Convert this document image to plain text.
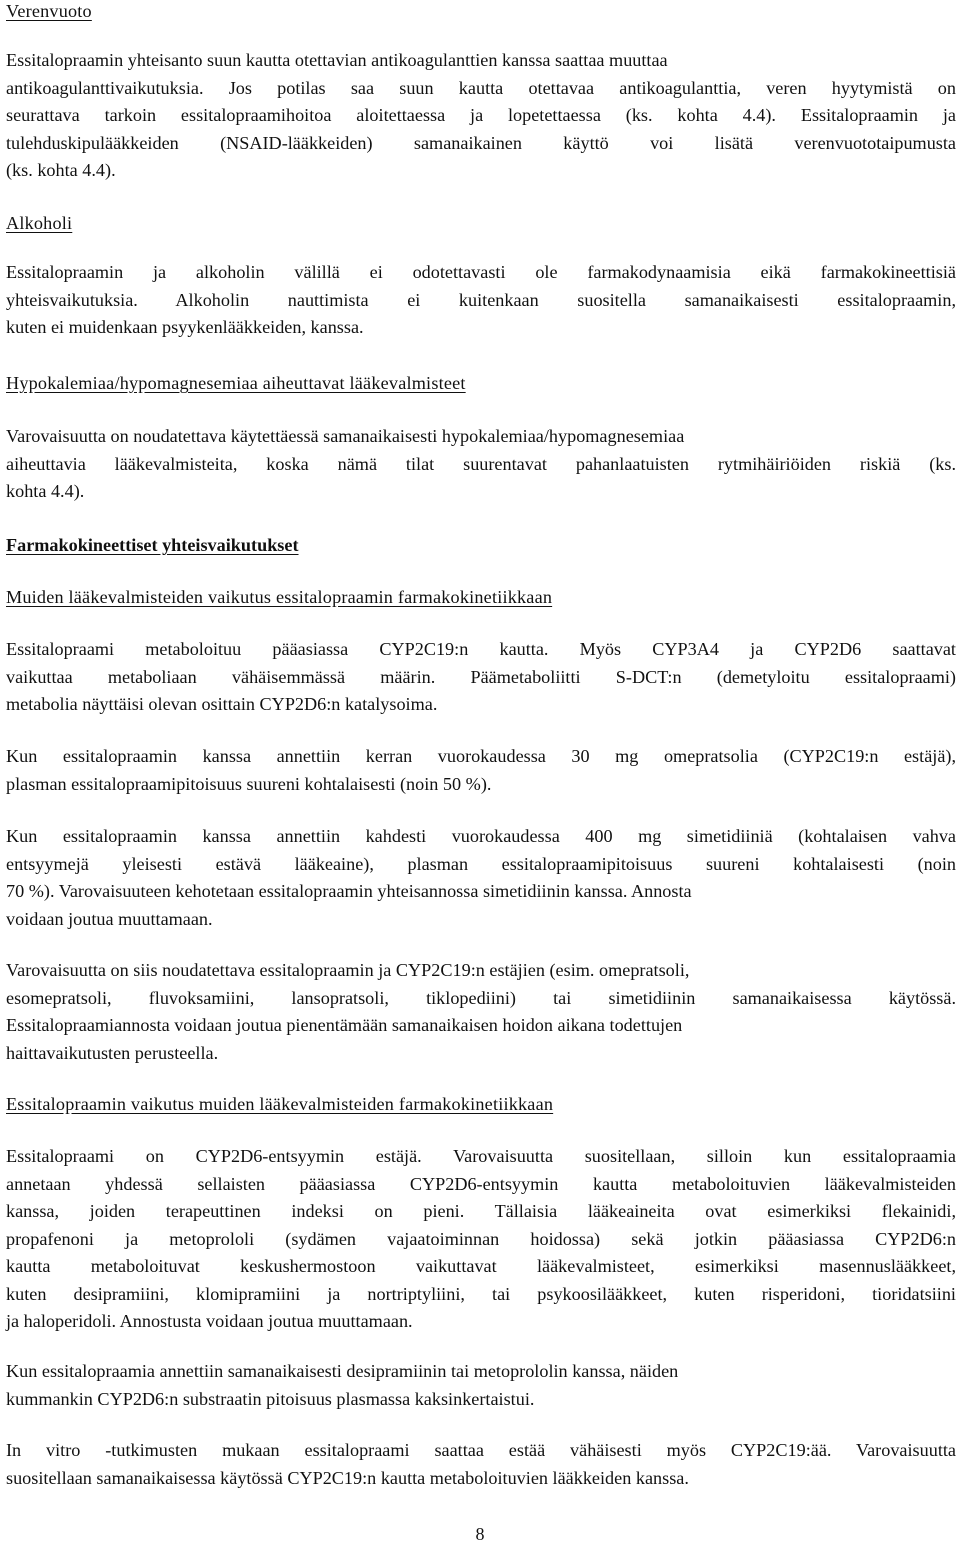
Verenvuoto
Essitalopraamin yhteisanto suun kautta otettavian antikoagulanttien kanssa saattaa muuttaa
antikoagulanttivaikutuksia. Jos potilas saa suun kautta otettavaa antikoagulanttia, veren hyytymistä on
seurattava tarkoin essitalopraamihoitoa aloitettaessa ja lopetettaessa (ks. kohta 4.4). Essitalopraamin ja
tulehduskipulääkkeiden (NSAID-lääkkeiden) samanaikainen käyttö voi lisätä verenvuototaipumusta
(ks. kohta 4.4).
Alkoholi
Essitalopraamin ja alkoholin välillä ei odotettavasti ole farmakodynaamisia eikä farmakokineettisiä
yhteisvaikutuksia. Alkoholin nauttimista ei kuitenkaan suositella samanaikaisesti essitalopraamin,
kuten ei muidenkaan psyykenlääkkeiden, kanssa.
Hypokalemiaa/hypomagnesemiaa aiheuttavat lääkevalmisteet
Varovaisuutta on noudatettava käytettäessä samanaikaisesti hypokalemiaa/hypomagnesemiaa
aiheuttavia lääkevalmisteita, koska nämä tilat suurentavat pahanlaatuisten rytmihäiriöiden riskiä (ks.
kohta 4.4).
Farmakokineettiset yhteisvaikutukset
Muiden lääkevalmisteiden vaikutus essitalopraamin farmakokinetiikkaan
Essitalopraami metaboloituu pääasiassa CYP2C19:n kautta. Myös CYP3A4 ja CYP2D6 saattavat
vaikuttaa metaboliaan vähäisemmässä määrin. Päämetaboliitti S-DCT:n (demetyloitu essitalopraami)
metabolia näyttäisi olevan osittain CYP2D6:n katalysoima.
Kun essitalopraamin kanssa annettiin kerran vuorokaudessa 30 mg omepratsolia (CYP2C19:n estäjä),
plasman essitalopraamipitoisuus suureni kohtalaisesti (noin 50 %).
Kun essitalopraamin kanssa annettiin kahdesti vuorokaudessa 400 mg simetidiiniä (kohtalaisen vahva
entsyymejä yleisesti estävä lääkeaine), plasman essitalopraamipitoisuus suureni kohtalaisesti (noin
70 %). Varovaisuuteen kehotetaan essitalopraamin yhteisannossa simetidiinin kanssa. Annosta
voidaan joutua muuttamaan.
Varovaisuutta on siis noudatettava essitalopraamin ja CYP2C19:n estäjien (esim. omepratsoli,
esomepratsoli, fluvoksamiini, lansopratsoli, tiklopediini) tai simetidiinin samanaikaisessa käytössä.
Essitalopraamiannosta voidaan joutua pienentämään samanaikaisen hoidon aikana todettujen
haittavaikutusten perusteella.
Essitalopraamin vaikutus muiden lääkevalmisteiden farmakokinetiikkaan
Essitalopraami on CYP2D6-entsyymin estäjä. Varovaisuutta suositellaan, silloin kun essitalopraamia
annetaan yhdessä sellaisten pääasiassa CYP2D6-entsyymin kautta metaboloituvien lääkevalmisteiden
kanssa, joiden terapeuttinen indeksi on pieni. Tällaisia lääkeaineita ovat esimerkiksi flekainidi,
propafenoni ja metoprololi (sydämen vajaatoiminnan hoidossa) sekä jotkin pääasiassa CYP2D6:n
kautta metaboloituvat keskushermostoon vaikuttavat lääkevalmisteet, esimerkiksi masennuslääkkeet,
kuten desipramiini, klomipramiini ja nortriptyliini, tai psykoosilääkkeet, kuten risperidoni, tioridatsiini
ja haloperidoli. Annostusta voidaan joutua muuttamaan.
Kun essitalopraamia annettiin samanaikaisesti desipramiinin tai metoprololin kanssa, näiden
kummankin CYP2D6:n substraatin pitoisuus plasmassa kaksinkertaistui.
In vitro -tutkimusten mukaan essitalopraami saattaa estää vähäisesti myös CYP2C19:ää. Varovaisuutta
suositellaan samanaikaisessa käytössä CYP2C19:n kautta metaboloituvien lääkkeiden kanssa.
8
